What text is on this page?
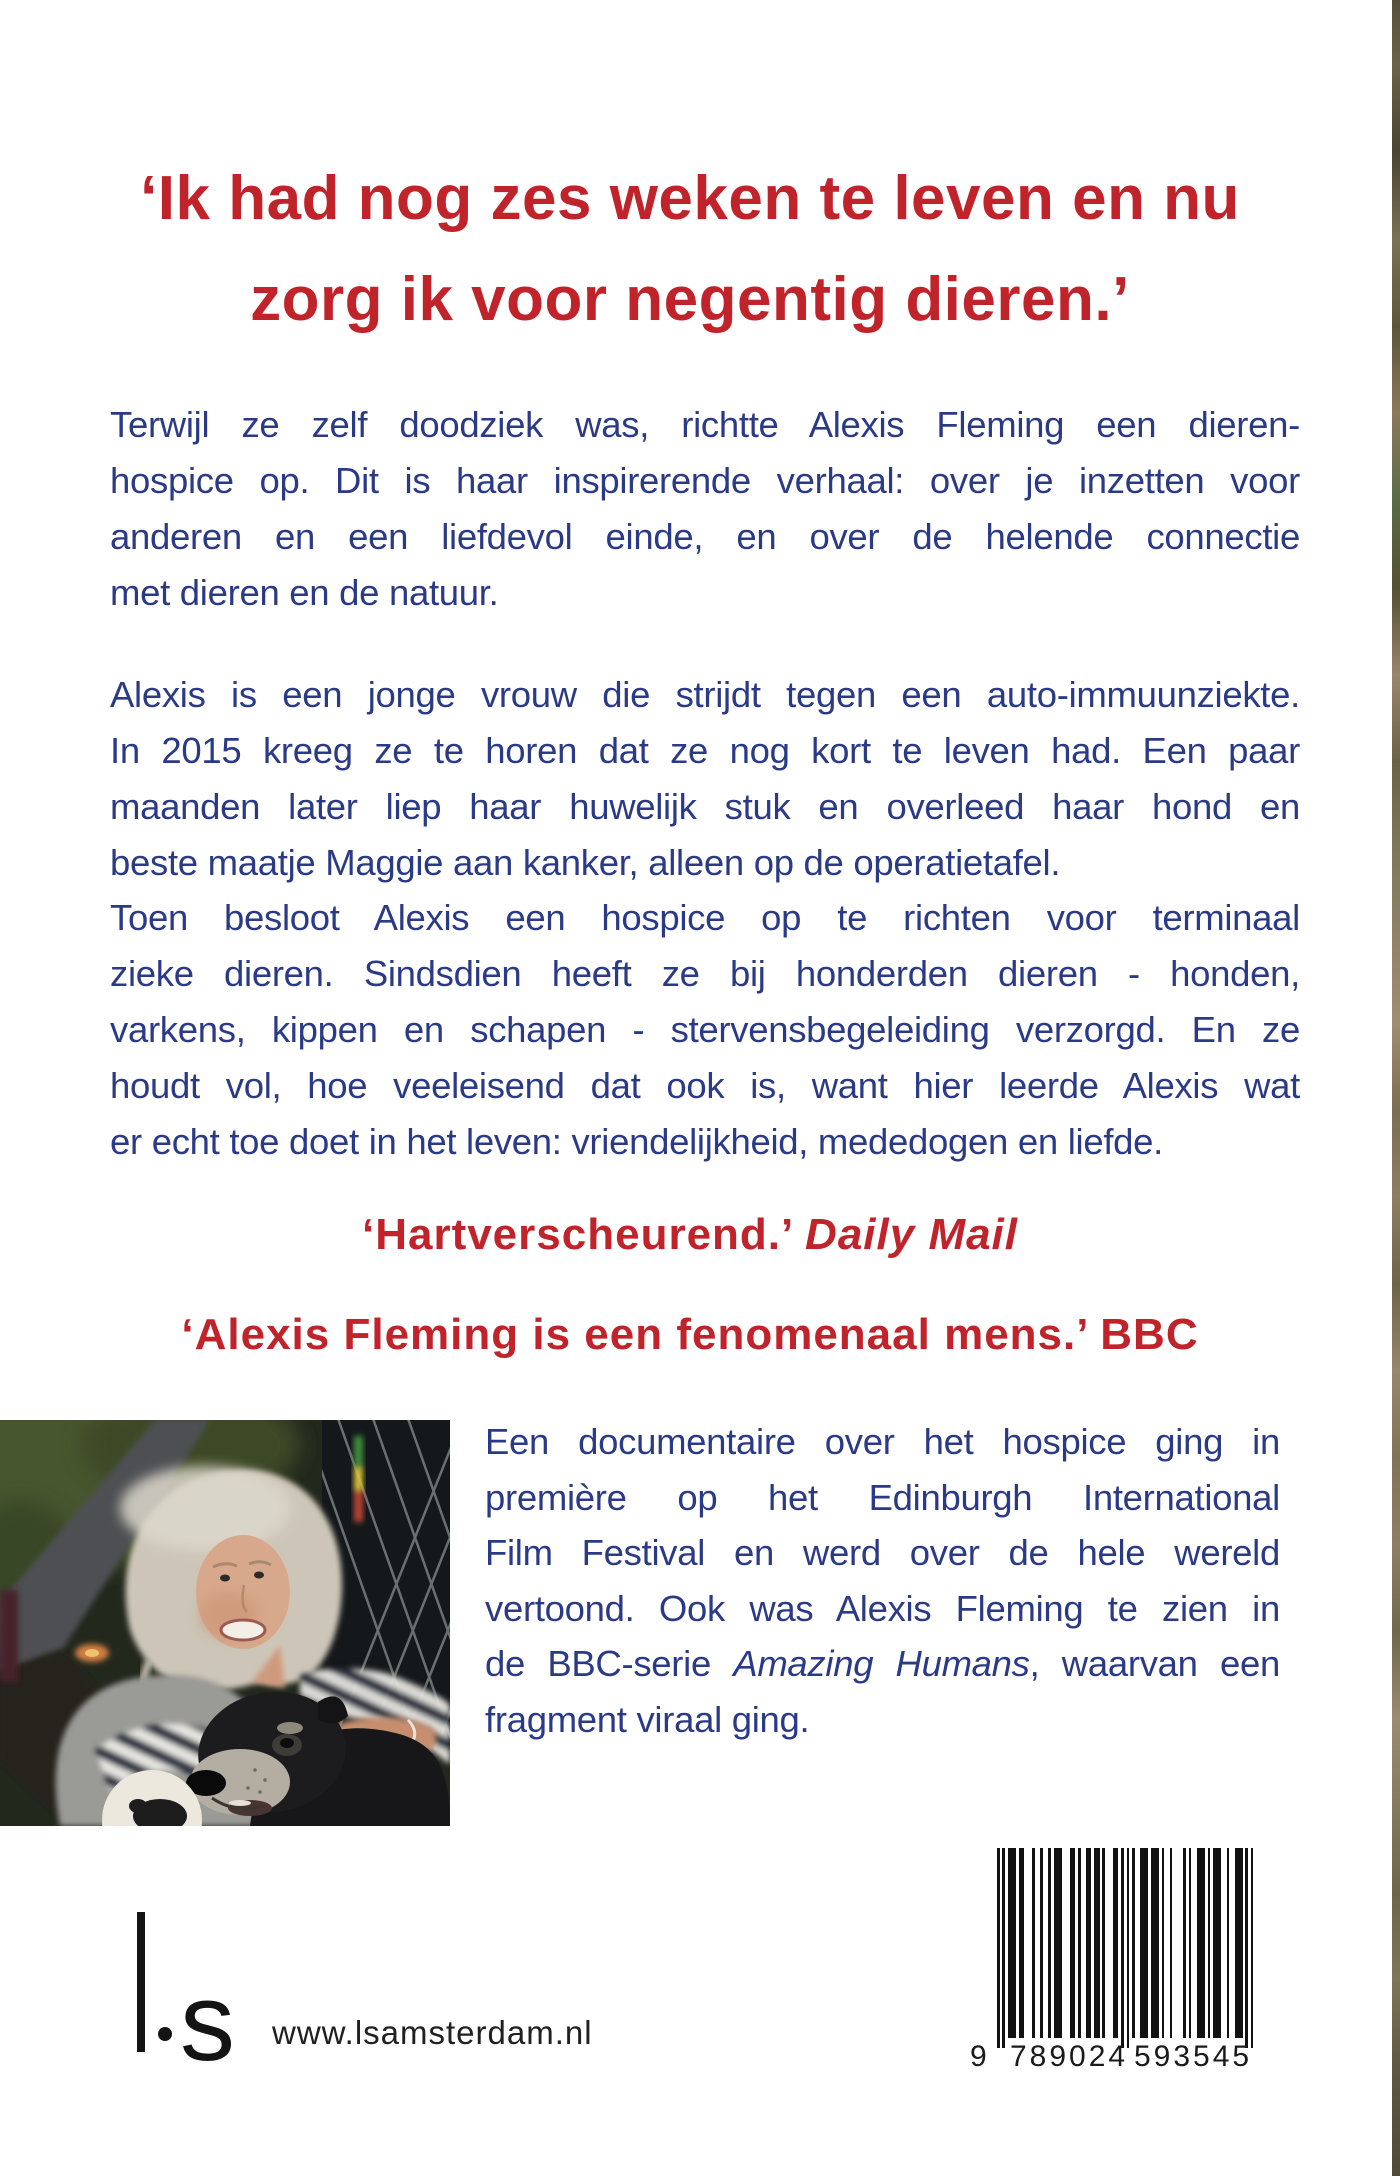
‘Ik had nog zes weken te leven en nu
zorg ik voor negentig dieren.’
Terwijl ze zelf doodziek was, richtte Alexis Fleming een dieren-
hospice op. Dit is haar inspirerende verhaal: over je inzetten voor
anderen en een liefdevol einde, en over de helende connectie
met dieren en de natuur.
Alexis is een jonge vrouw die strijdt tegen een auto-immuunziekte.
In 2015 kreeg ze te horen dat ze nog kort te leven had. Een paar
maanden later liep haar huwelijk stuk en overleed haar hond en
beste maatje Maggie aan kanker, alleen op de operatietafel.
Toen besloot Alexis een hospice op te richten voor terminaal
zieke dieren. Sindsdien heeft ze bij honderden dieren - honden,
varkens, kippen en schapen - stervensbegeleiding verzorgd. En ze
houdt vol, hoe veeleisend dat ook is, want hier leerde Alexis wat
er echt toe doet in het leven: vriendelijkheid, mededogen en liefde.
‘Hartverscheurend.’ Daily Mail
‘Alexis Fleming is een fenomenaal mens.’ BBC
Een documentaire over het hospice ging in
première op het Edinburgh International
Film Festival en werd over de hele wereld
vertoond. Ook was Alexis Fleming te zien in
de BBC-serie Amazing Humans, waarvan een
fragment viraal ging.
s www.lsamsterdam.nl
9 789024 593545
